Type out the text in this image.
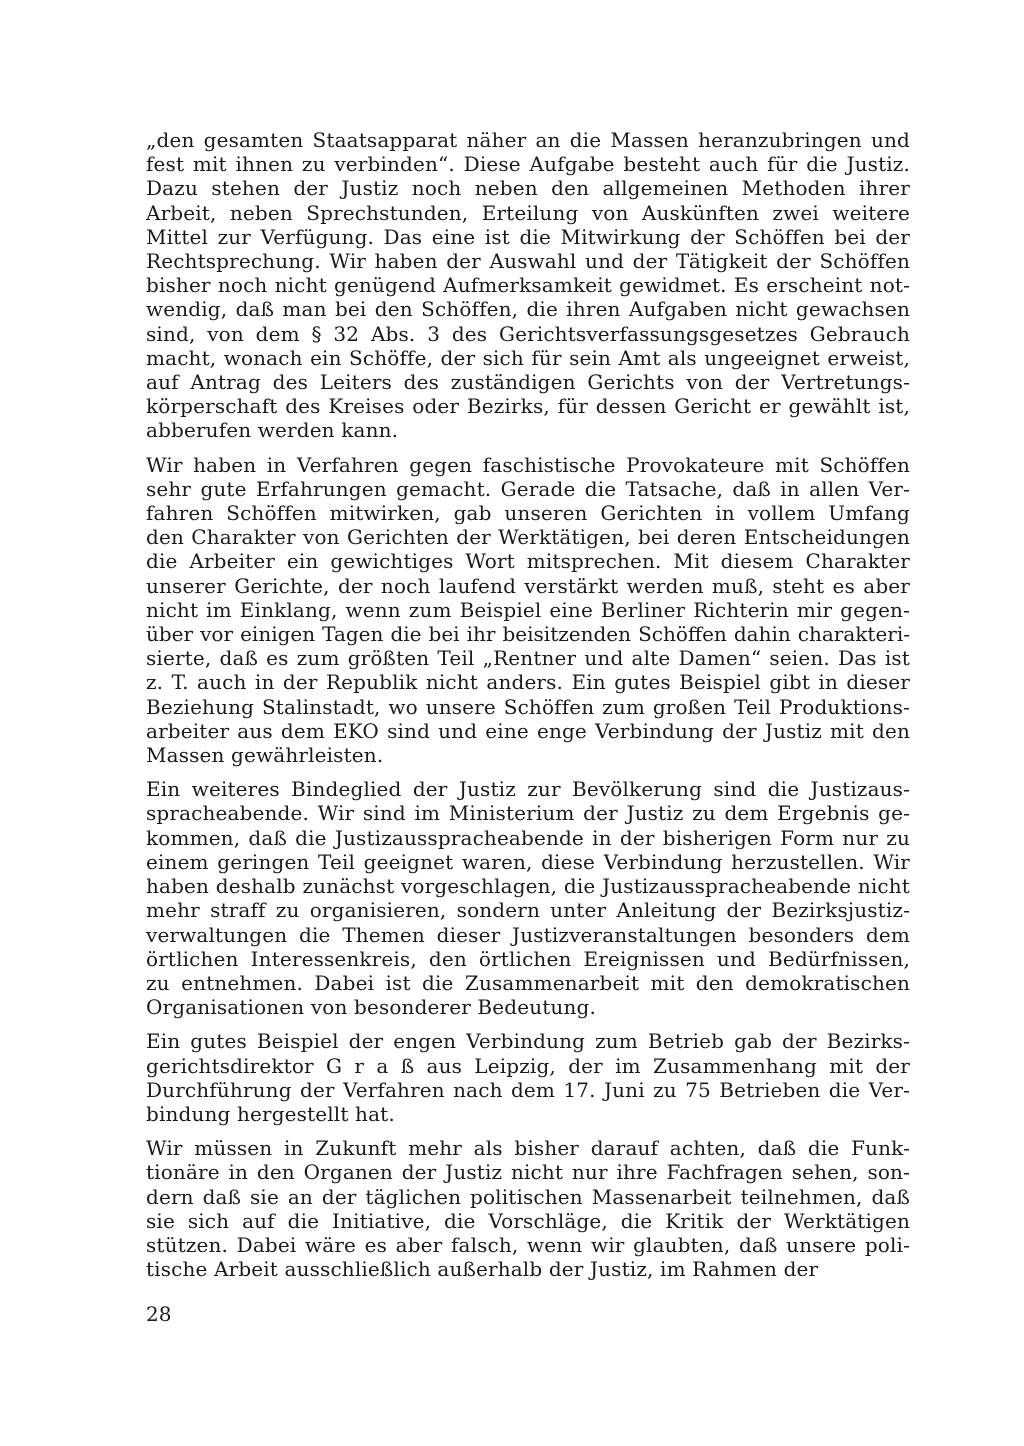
„den gesamten Staatsapparat näher an die Massen heranzubringen und
fest mit ihnen zu verbinden“. Diese Aufgabe besteht auch für die Justiz.
Dazu stehen der Justiz noch neben den allgemeinen Methoden ihrer
Arbeit, neben Sprechstunden, Erteilung von Auskünften zwei weitere
Mittel zur Verfügung. Das eine ist die Mitwirkung der Schöffen bei der
Rechtsprechung. Wir haben der Auswahl und der Tätigkeit der Schöffen
bisher noch nicht genügend Aufmerksamkeit gewidmet. Es erscheint not-
wendig, daß man bei den Schöffen, die ihren Aufgaben nicht gewachsen
sind, von dem § 32 Abs. 3 des Gerichtsverfassungsgesetzes Gebrauch
macht, wonach ein Schöffe, der sich für sein Amt als ungeeignet erweist,
auf Antrag des Leiters des zuständigen Gerichts von der Vertretungs-
körperschaft des Kreises oder Bezirks, für dessen Gericht er gewählt ist,
abberufen werden kann.

Wir haben in Verfahren gegen faschistische Provokateure mit Schöffen
sehr gute Erfahrungen gemacht. Gerade die Tatsache, daß in allen Ver-
fahren Schöffen mitwirken, gab unseren Gerichten in vollem Umfang
den Charakter von Gerichten der Werktätigen, bei deren Entscheidungen
die Arbeiter ein gewichtiges Wort mitsprechen. Mit diesem Charakter
unserer Gerichte, der noch laufend verstärkt werden muß, steht es aber
nicht im Einklang, wenn zum Beispiel eine Berliner Richterin mir gegen-
über vor einigen Tagen die bei ihr beisitzenden Schöffen dahin charakteri-
sierte, daß es zum größten Teil „Rentner und alte Damen“ seien. Das ist
z. T. auch in der Republik nicht anders. Ein gutes Beispiel gibt in dieser
Beziehung Stalinstadt, wo unsere Schöffen zum großen Teil Produktions-
arbeiter aus dem EKO sind und eine enge Verbindung der Justiz mit den
Massen gewährleisten.

Ein weiteres Bindeglied der Justiz zur Bevölkerung sind die Justizaus-
spracheabende. Wir sind im Ministerium der Justiz zu dem Ergebnis ge-
kommen, daß die Justizausspracheabende in der bisherigen Form nur zu
einem geringen Teil geeignet waren, diese Verbindung herzustellen. Wir
haben deshalb zunächst vorgeschlagen, die Justizausspracheabende nicht
mehr straff zu organisieren, sondern unter Anleitung der Bezirksjustiz-
verwaltungen die Themen dieser Justizveranstaltungen besonders dem
örtlichen Interessenkreis, den örtlichen Ereignissen und Bedürfnissen,
zu entnehmen. Dabei ist die Zusammenarbeit mit den demokratischen
Organisationen von besonderer Bedeutung.

Ein gutes Beispiel der engen Verbindung zum Betrieb gab der Bezirks-
gerichtsdirektor G r a ß aus Leipzig, der im Zusammenhang mit der
Durchführung der Verfahren nach dem 17. Juni zu 75 Betrieben die Ver-
bindung hergestellt hat.

Wir müssen in Zukunft mehr als bisher darauf achten, daß die Funk-
tionäre in den Organen der Justiz nicht nur ihre Fachfragen sehen, son-
dern daß sie an der täglichen politischen Massenarbeit teilnehmen, daß
sie sich auf die Initiative, die Vorschläge, die Kritik der Werktätigen
stützen. Dabei wäre es aber falsch, wenn wir glaubten, daß unsere poli-
tische Arbeit ausschließlich außerhalb der Justiz, im Rahmen der

28
